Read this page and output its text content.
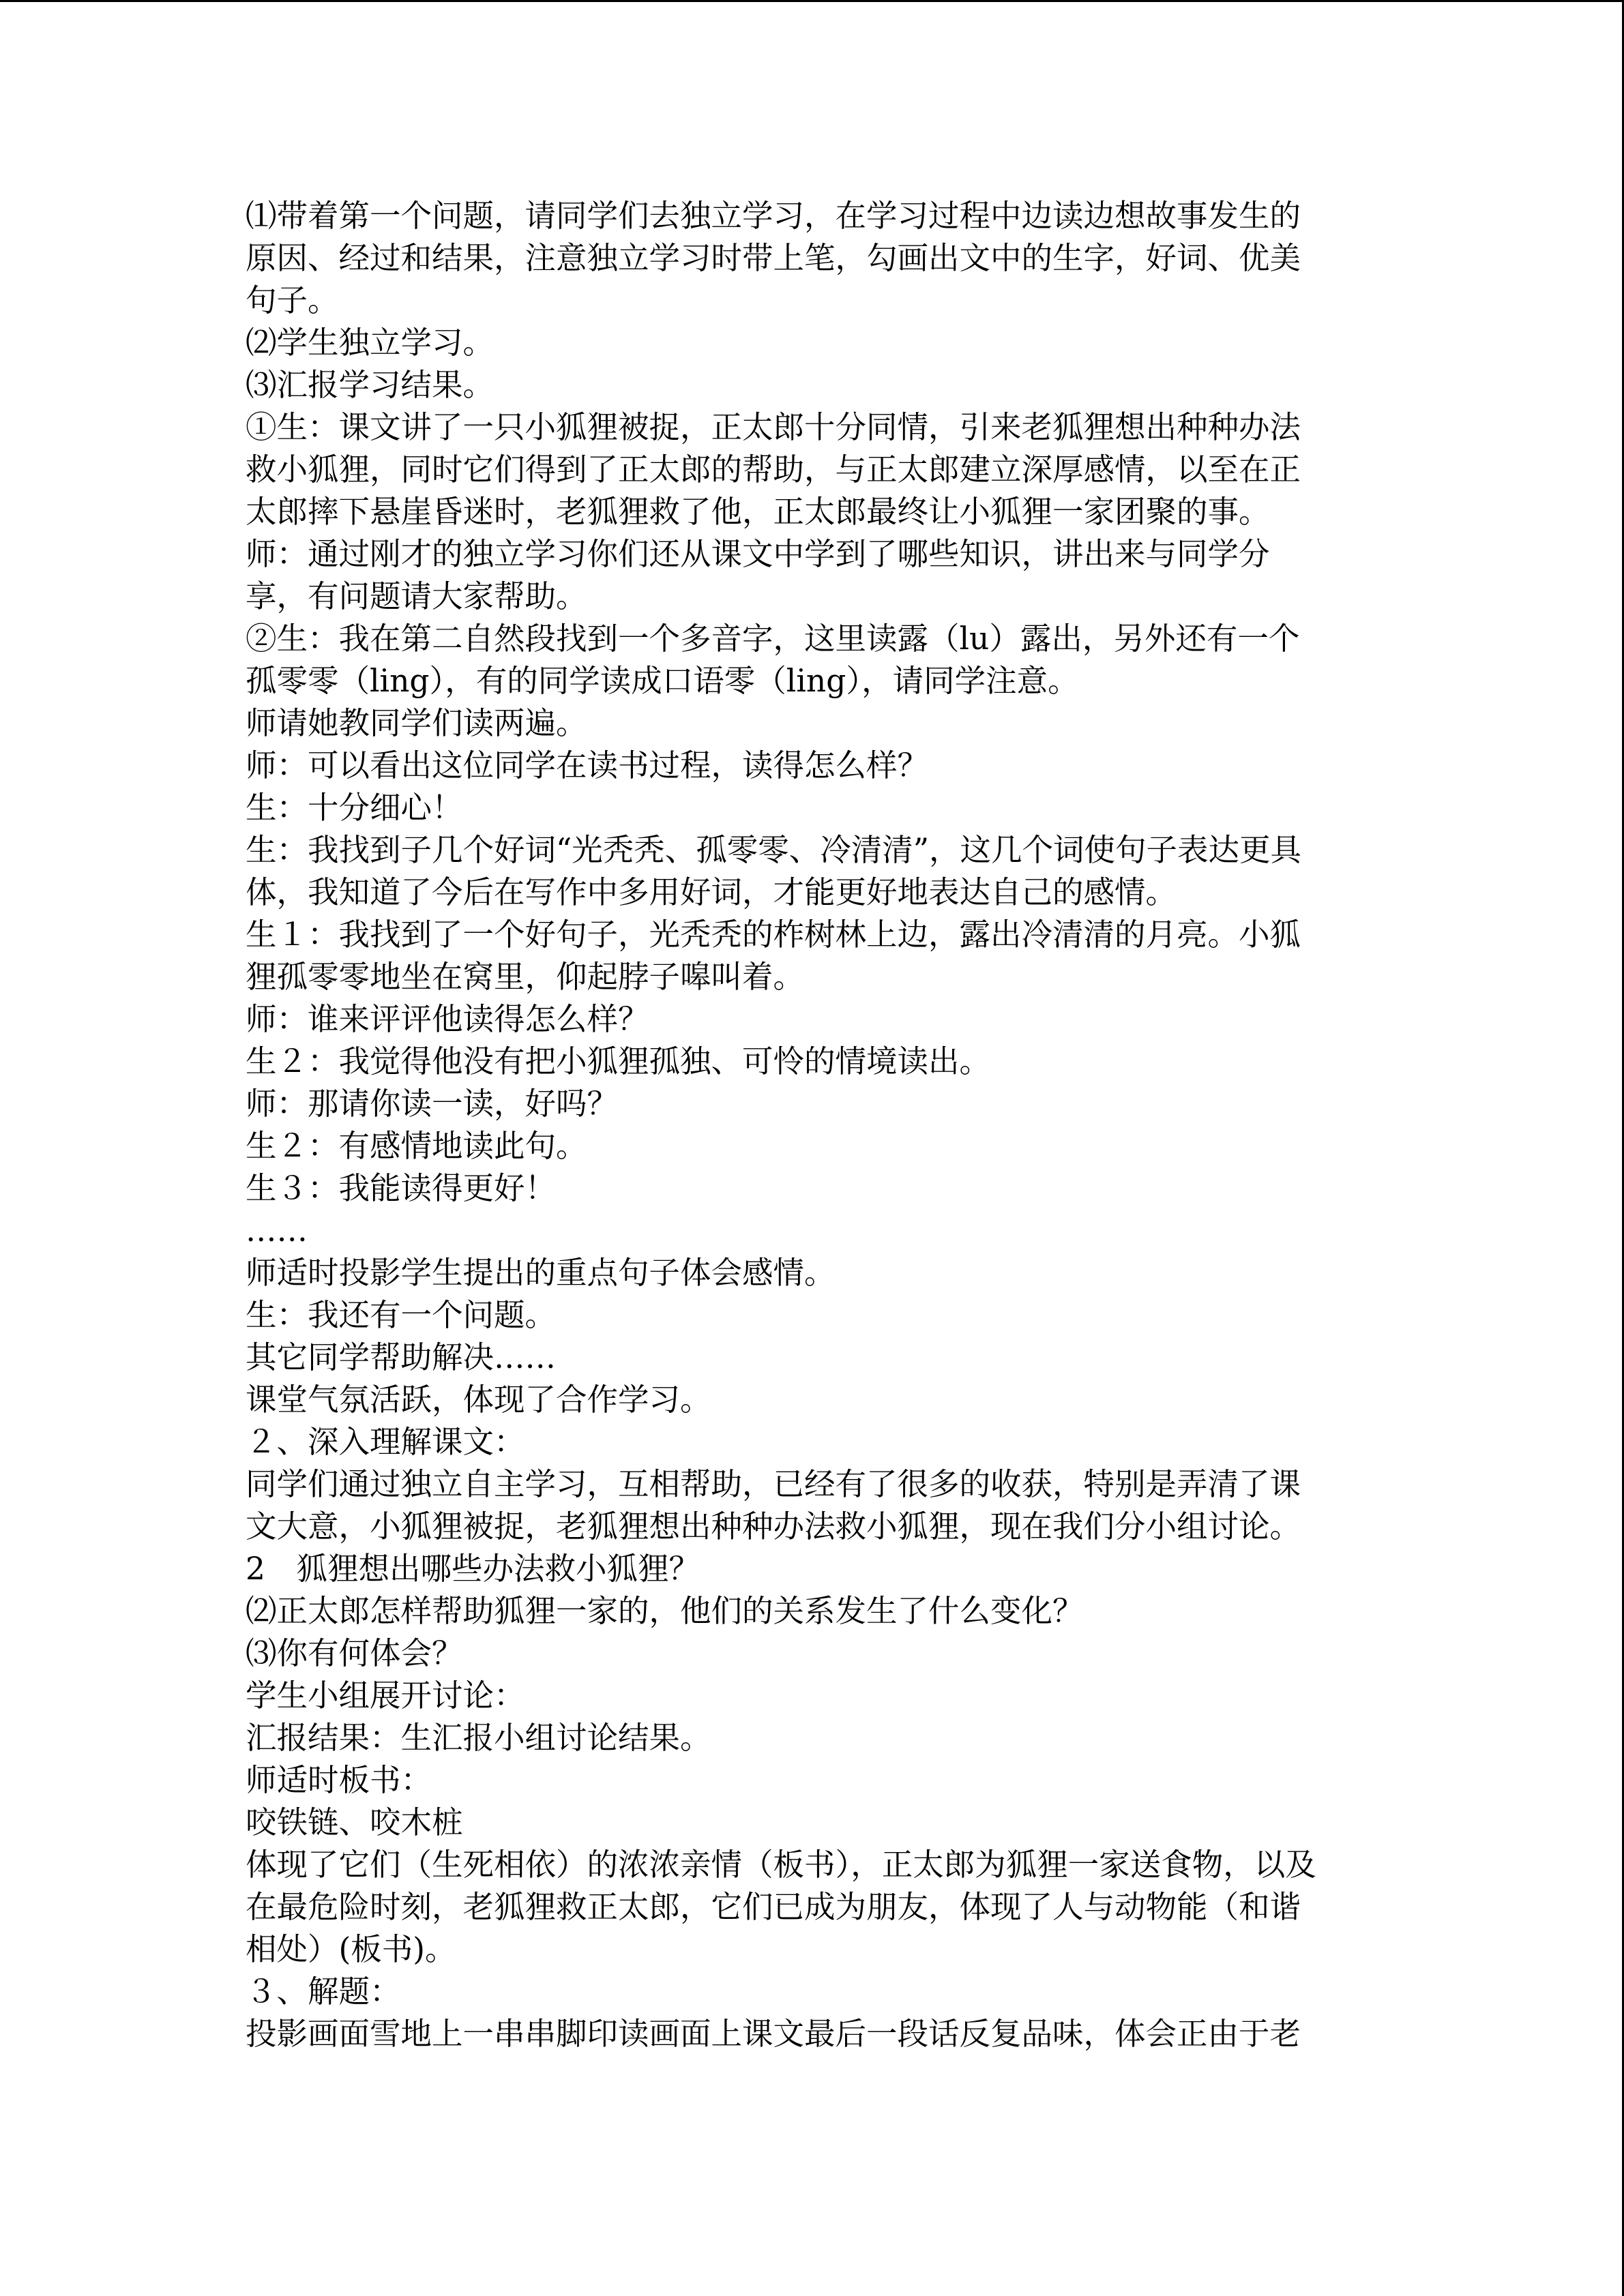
⑴带着第一个问题，请同学们去独立学习，在学习过程中边读边想故事发生的
原因、经过和结果，注意独立学习时带上笔，勾画出文中的生字，好词、优美
句子。
⑵学生独立学习。
⑶汇报学习结果。
①生：课文讲了一只小狐狸被捉，正太郎十分同情，引来老狐狸想出种种办法
救小狐狸，同时它们得到了正太郎的帮助，与正太郎建立深厚感情，以至在正
太郎摔下悬崖昏迷时，老狐狸救了他，正太郎最终让小狐狸一家团聚的事。
师：通过刚才的独立学习你们还从课文中学到了哪些知识，讲出来与同学分
享，有问题请大家帮助。
②生：我在第二自然段找到一个多音字，这里读露（lu）露出，另外还有一个
孤零零（ling），有的同学读成口语零（ling），请同学注意。
师请她教同学们读两遍。
师：可以看出这位同学在读书过程，读得怎么样？
生：十分细心！
生：我找到子几个好词“光秃秃、孤零零、冷清清”，这几个词使句子表达更具
体，我知道了今后在写作中多用好词，才能更好地表达自己的感情。
生１：我找到了一个好句子，光秃秃的柞树林上边，露出冷清清的月亮。小狐
狸孤零零地坐在窝里，仰起脖子嗥叫着。
师：谁来评评他读得怎么样？
生２：我觉得他没有把小狐狸孤独、可怜的情境读出。
师：那请你读一读，好吗？
生２：有感情地读此句。
生３：我能读得更好！
……
师适时投影学生提出的重点句子体会感情。
生：我还有一个问题。
其它同学帮助解决……
课堂气氛活跃，体现了合作学习。
２、深入理解课文：
同学们通过独立自主学习，互相帮助，已经有了很多的收获，特别是弄清了课
文大意，小狐狸被捉，老狐狸想出种种办法救小狐狸，现在我们分小组讨论。
2　狐狸想出哪些办法救小狐狸？
⑵正太郎怎样帮助狐狸一家的，他们的关系发生了什么变化？
⑶你有何体会？
学生小组展开讨论：
汇报结果：生汇报小组讨论结果。
师适时板书：
咬铁链、咬木桩
体现了它们（生死相依）的浓浓亲情（板书），正太郎为狐狸一家送食物，以及
在最危险时刻，老狐狸救正太郎，它们已成为朋友，体现了人与动物能（和谐
相处）(板书)。
３、解题：
投影画面雪地上一串串脚印读画面上课文最后一段话反复品味，体会正由于老
